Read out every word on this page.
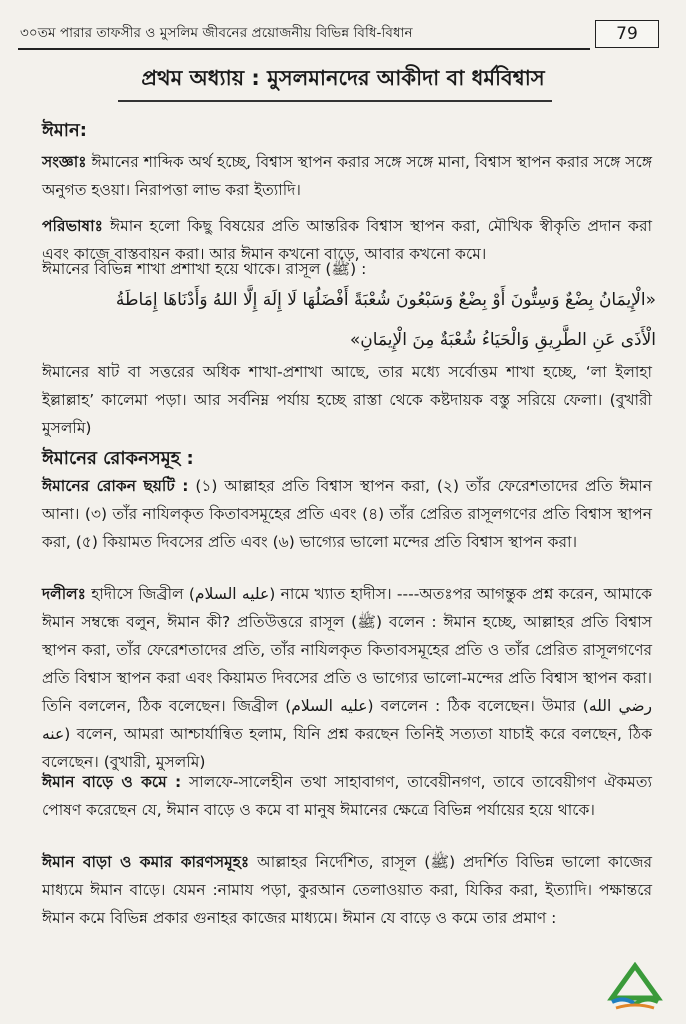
৩০তম পারার তাফসীর ও মুসলিম জীবনের প্রয়োজনীয় বিভিন্ন বিধি-বিধান	79
প্রথম অধ্যায় : মুসলমানদের আকীদা বা ধর্মবিশ্বাস
ঈমান:
সংজ্ঞাঃ ঈমানের শাব্দিক অর্থ হচ্ছে, বিশ্বাস স্থাপন করার সঙ্গে সঙ্গে মানা, বিশ্বাস স্থাপন করার সঙ্গে সঙ্গে অনুগত হওয়া। নিরাপত্তা লাভ করা ইত্যাদি।
পরিভাষাঃ ঈমান হলো কিছু বিষয়ের প্রতি আন্তরিক বিশ্বাস স্থাপন করা, মৌখিক স্বীকৃতি প্রদান করা এবং কাজে বাস্তবায়ন করা। আর ঈমান কখনো বাড়ে, আবার কখনো কমে।
ঈমানের বিভিন্ন শাখা প্রশাখা হয়ে থাকে। রাসূল (ﷺ) :
«الْإِيمَانُ بِضْعٌ وَسِتُّونَ أَوْ بِضْعٌ وَسَبْعُونَ شُعْبَةً أَفْضَلُهَا لَا إِلَهَ إِلَّا اللهُ وَأَدْنَاهَا إِمَاطَةُ
الْأَذَى عَنِ الطَّرِيقِ وَالْحَيَاءُ شُعْبَةٌ مِنَ الْإِيمَانِ»
ঈমানের ষাট বা সত্তরের অধিক শাখা-প্রশাখা আছে, তার মধ্যে সর্বোত্তম শাখা হচ্ছে, ‘লা ইলাহা ইল্লাল্লাহ’ কালেমা পড়া। আর সর্বনিম্ন পর্যায় হচ্ছে রাস্তা থেকে কষ্টদায়ক বস্তু সরিয়ে ফেলা। (বুখারী মুসলমি)
ঈমানের রোকনসমূহ :
ঈমানের রোকন ছয়টি : (১) আল্লাহর প্রতি বিশ্বাস স্থাপন করা, (২) তাঁর ফেরেশতাদের প্রতি ঈমান আনা। (৩) তাঁর নাযিলকৃত কিতাবসমূহের প্রতি এবং (৪) তাঁর প্রেরিত রাসূলগণের প্রতি বিশ্বাস স্থাপন করা, (৫) কিয়ামত দিবসের প্রতি এবং (৬) ভাগ্যের ভালো মন্দের প্রতি বিশ্বাস স্থাপন করা।
দলীলঃ হাদীসে জিব্রীল (عليه السلام) নামে খ্যাত হাদীস। ----অতঃপর আগন্তুক প্রশ্ন করেন, আমাকে ঈমান সম্বন্ধে বলুন, ঈমান কী? প্রতিউত্তরে রাসূল (ﷺ) বলেন : ঈমান হচ্ছে, আল্লাহর প্রতি বিশ্বাস স্থাপন করা, তাঁর ফেরেশতাদের প্রতি, তাঁর নাযিলকৃত কিতাবসমূহের প্রতি ও তাঁর প্রেরিত রাসূলগণের প্রতি বিশ্বাস স্থাপন করা এবং কিয়ামত দিবসের প্রতি ও ভাগ্যের ভালো-মন্দের প্রতি বিশ্বাস স্থাপন করা। তিনি বললেন, ঠিক বলেছেন। জিব্রীল (عليه السلام) বললেন : ঠিক বলেছেন। উমার (رضي الله عنه) বলেন, আমরা আশ্চার্যান্বিত হলাম, যিনি প্রশ্ন করছেন তিনিই সত্যতা যাচাই করে বলছেন, ঠিক বলেছেন। (বুখারী, মুসলমি)
ঈমান বাড়ে ও কমে : সালফে-সালেহীন তথা সাহাবাগণ, তাবেয়ীনগণ, তাবে তাবেয়ীগণ ঐকমত্য পোষণ করেছেন যে, ঈমান বাড়ে ও কমে বা মানুষ ঈমানের ক্ষেত্রে বিভিন্ন পর্যায়ের হয়ে থাকে।
ঈমান বাড়া ও কমার কারণসমূহঃ আল্লাহর নির্দেশিত, রাসূল (ﷺ) প্রদর্শিত বিভিন্ন ভালো কাজের মাধ্যমে ঈমান বাড়ে। যেমন :নামায পড়া, কুরআন তেলাওয়াত করা, যিকির করা, ইত্যাদি। পক্ষান্তরে ঈমান কমে বিভিন্ন প্রকার গুনাহর কাজের মাধ্যমে। ঈমান যে বাড়ে ও কমে তার প্রমাণ :
